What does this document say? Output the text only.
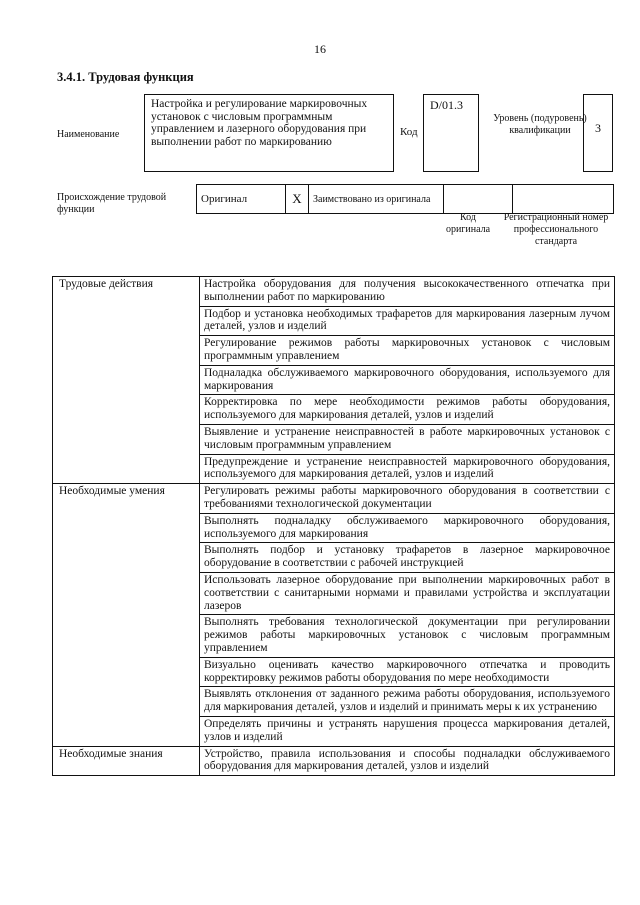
16
3.4.1. Трудовая функция
Наименование
Настройка и регулирование маркировочных установок с числовым программным управлением и лазерного оборудования при выполнении работ по маркированию
Код
D/01.3
Уровень (подуровень) квалификации	3
Происхождение трудовой функции
Оригинал	X	Заимствовано из оригинала		
Код оригинала
Регистрационный номер профессионального стандарта
Трудовые действия	Настройка оборудования для получения высококачественного отпечатка при выполнении работ по маркированию
	Подбор и установка необходимых трафаретов для маркирования лазерным лучом деталей, узлов и изделий
	Регулирование режимов работы маркировочных установок с числовым программным управлением
	Подналадка обслуживаемого маркировочного оборудования, используемого для маркирования
	Корректировка по мере необходимости режимов работы оборудования, используемого для маркирования деталей, узлов и изделий
	Выявление и устранение неисправностей в работе маркировочных установок с числовым программным управлением
	Предупреждение и устранение неисправностей маркировочного оборудования, используемого для маркирования деталей, узлов и изделий
Необходимые умения	Регулировать режимы работы маркировочного оборудования в соответствии с требованиями технологической документации
	Выполнять подналадку обслуживаемого маркировочного оборудования, используемого для маркирования
	Выполнять подбор и установку трафаретов в лазерное маркировочное оборудование в соответствии с рабочей инструкцией
	Использовать лазерное оборудование при выполнении маркировочных работ в соответствии с санитарными нормами и правилами устройства и эксплуатации лазеров
	Выполнять требования технологической документации при регулировании режимов работы маркировочных установок с числовым программным управлением
	Визуально оценивать качество маркировочного отпечатка и проводить корректировку режимов работы оборудования по мере необходимости
	Выявлять отклонения от заданного режима работы оборудования, используемого для маркирования деталей, узлов и изделий и принимать меры к их устранению
	Определять причины и устранять нарушения процесса маркирования деталей, узлов и изделий
Необходимые знания	Устройство, правила использования и способы подналадки обслуживаемого оборудования для маркирования деталей, узлов и изделий
